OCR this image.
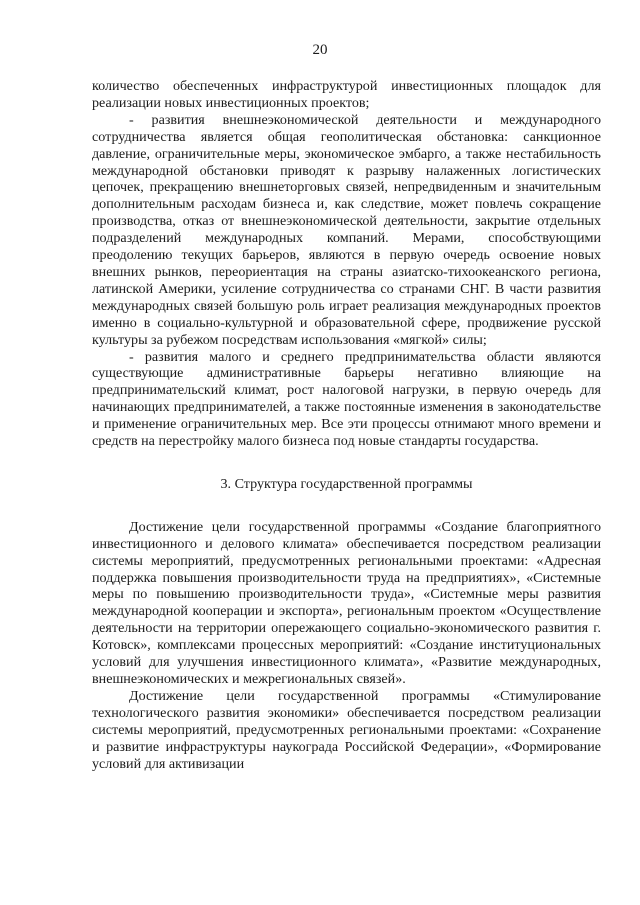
20

количество обеспеченных инфраструктурой инвестиционных площадок для реализации новых инвестиционных проектов;

- развития внешнеэкономической деятельности и международного сотрудничества является общая геополитическая обстановка: санкционное давление, ограничительные меры, экономическое эмбарго, а также нестабильность международной обстановки приводят к разрыву налаженных логистических цепочек, прекращению внешнеторговых связей, непредвиденным и значительным дополнительным расходам бизнеса и, как следствие, может повлечь сокращение производства, отказ от внешнеэкономической деятельности, закрытие отдельных подразделений международных компаний. Мерами, способствующими преодолению текущих барьеров, являются в первую очередь освоение новых внешних рынков, переориентация на страны азиатско-тихоокеанского региона, латинской Америки, усиление сотрудничества со странами СНГ. В части развития международных связей большую роль играет реализация международных проектов именно в социально-культурной и образовательной сфере, продвижение русской культуры за рубежом посредствам использования «мягкой» силы;

- развития малого и среднего предпринимательства области являются существующие административные барьеры негативно влияющие на предпринимательский климат, рост налоговой нагрузки, в первую очередь для начинающих предпринимателей, а также постоянные изменения в законодательстве и применение ограничительных мер. Все эти процессы отнимают много времени и средств на перестройку малого бизнеса под новые стандарты государства.

3. Структура государственной программы

Достижение цели государственной программы «Создание благоприятного инвестиционного и делового климата» обеспечивается посредством реализации системы мероприятий, предусмотренных региональными проектами: «Адресная поддержка повышения производительности труда на предприятиях», «Системные меры по повышению производительности труда», «Системные меры развития международной кооперации и экспорта», региональным проектом «Осуществление деятельности на территории опережающего социально-экономического развития г. Котовск», комплексами процессных мероприятий: «Создание институциональных условий для улучшения инвестиционного климата», «Развитие международных, внешнеэкономических и межрегиональных связей».

Достижение цели государственной программы «Стимулирование технологического развития экономики» обеспечивается посредством реализации системы мероприятий, предусмотренных региональными проектами: «Сохранение и развитие инфраструктуры наукограда Российской Федерации», «Формирование условий для активизации
